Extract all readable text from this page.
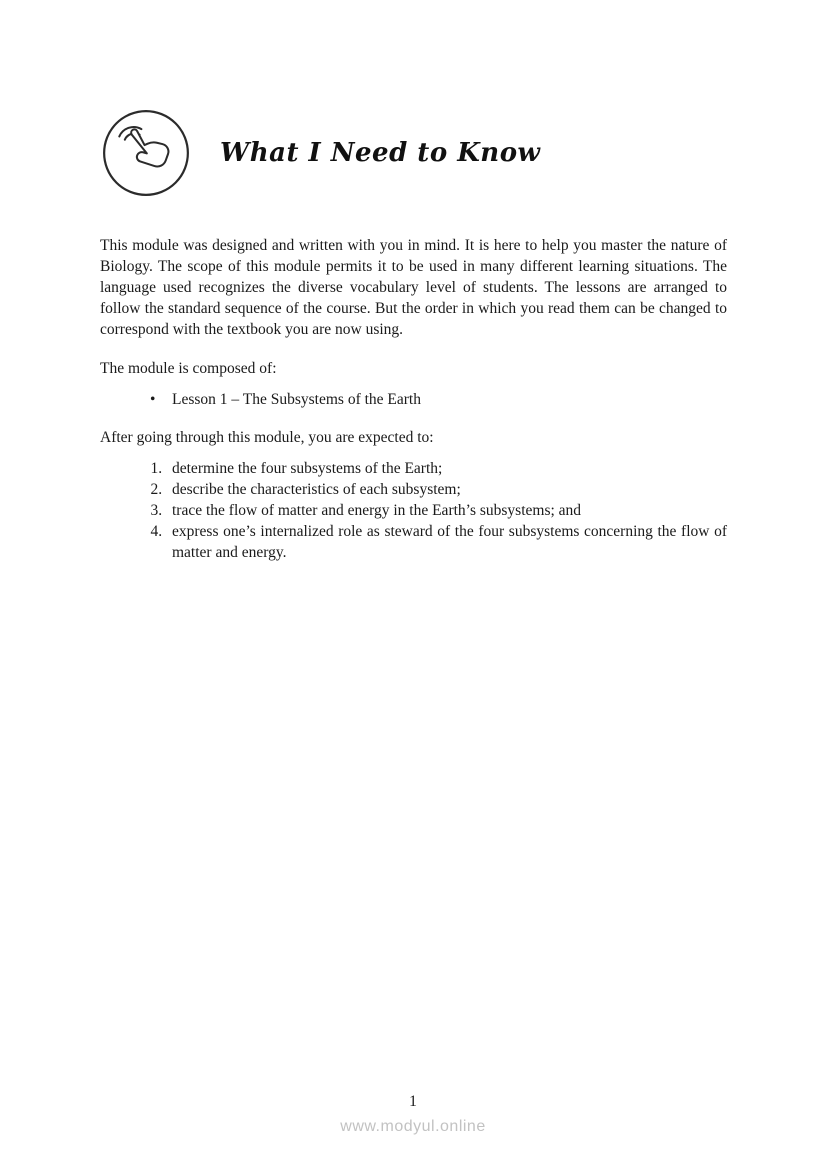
What I Need to Know

This module was designed and written with you in mind. It is here to help you master the nature of Biology. The scope of this module permits it to be used in many different learning situations. The language used recognizes the diverse vocabulary level of students. The lessons are arranged to follow the standard sequence of the course. But the order in which you read them can be changed to correspond with the textbook you are now using.

The module is composed of:

• Lesson 1 – The Subsystems of the Earth

After going through this module, you are expected to:

1. determine the four subsystems of the Earth;
2. describe the characteristics of each subsystem;
3. trace the flow of matter and energy in the Earth’s subsystems; and
4. express one’s internalized role as steward of the four subsystems concerning the flow of matter and energy.
1
www.modyul.online
